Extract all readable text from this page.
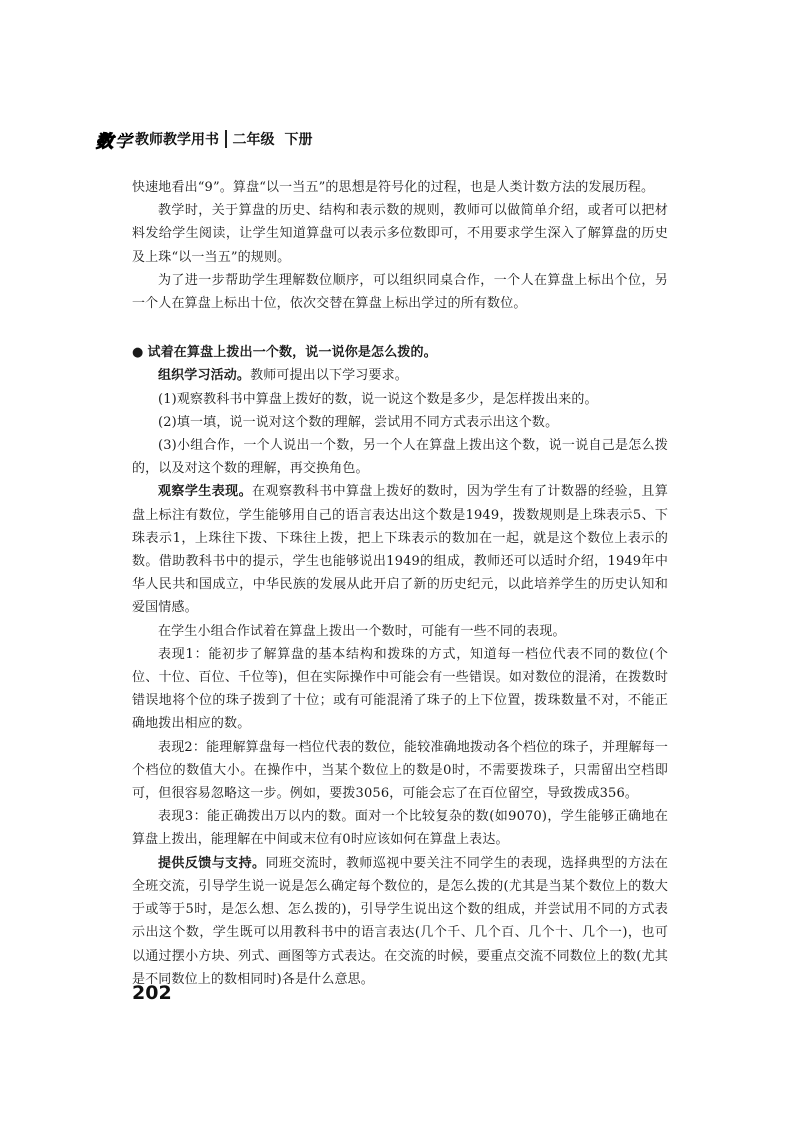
数学 教师教学用书 二年级 下册

快速地看出“9”。算盘“以一当五”的思想是符号化的过程，也是人类计数方法的发展历程。

教学时，关于算盘的历史、结构和表示数的规则，教师可以做简单介绍，或者可以把材料发给学生阅读，让学生知道算盘可以表示多位数即可，不用要求学生深入了解算盘的历史及上珠“以一当五”的规则。

为了进一步帮助学生理解数位顺序，可以组织同桌合作，一个人在算盘上标出个位，另一个人在算盘上标出十位，依次交替在算盘上标出学过的所有数位。

● 试着在算盘上拨出一个数，说一说你是怎么拨的。

组织学习活动。教师可提出以下学习要求。

(1)观察教科书中算盘上拨好的数，说一说这个数是多少，是怎样拨出来的。

(2)填一填，说一说对这个数的理解，尝试用不同方式表示出这个数。

(3)小组合作，一个人说出一个数，另一个人在算盘上拨出这个数，说一说自己是怎么拨的，以及对这个数的理解，再交换角色。

观察学生表现。在观察教科书中算盘上拨好的数时，因为学生有了计数器的经验，且算盘上标注有数位，学生能够用自己的语言表达出这个数是1949，拨数规则是上珠表示5、下珠表示1，上珠往下拨、下珠往上拨，把上下珠表示的数加在一起，就是这个数位上表示的数。借助教科书中的提示，学生也能够说出1949的组成，教师还可以适时介绍，1949年中华人民共和国成立，中华民族的发展从此开启了新的历史纪元，以此培养学生的历史认知和爱国情感。

在学生小组合作试着在算盘上拨出一个数时，可能有一些不同的表现。

表现1：能初步了解算盘的基本结构和拨珠的方式，知道每一档位代表不同的数位(个位、十位、百位、千位等)，但在实际操作中可能会有一些错误。如对数位的混淆，在拨数时错误地将个位的珠子拨到了十位；或有可能混淆了珠子的上下位置，拨珠数量不对，不能正确地拨出相应的数。

表现2：能理解算盘每一档位代表的数位，能较准确地拨动各个档位的珠子，并理解每一个档位的数值大小。在操作中，当某个数位上的数是0时，不需要拨珠子，只需留出空档即可，但很容易忽略这一步。例如，要拨3056，可能会忘了在百位留空，导致拨成356。

表现3：能正确拨出万以内的数。面对一个比较复杂的数(如9070)，学生能够正确地在算盘上拨出，能理解在中间或末位有0时应该如何在算盘上表达。

提供反馈与支持。同班交流时，教师巡视中要关注不同学生的表现，选择典型的方法在全班交流，引导学生说一说是怎么确定每个数位的，是怎么拨的(尤其是当某个数位上的数大于或等于5时，是怎么想、怎么拨的)，引导学生说出这个数的组成，并尝试用不同的方式表示出这个数，学生既可以用教科书中的语言表达(几个千、几个百、几个十、几个一)，也可以通过摆小方块、列式、画图等方式表达。在交流的时候，要重点交流不同数位上的数(尤其是不同数位上的数相同时)各是什么意思。

202
